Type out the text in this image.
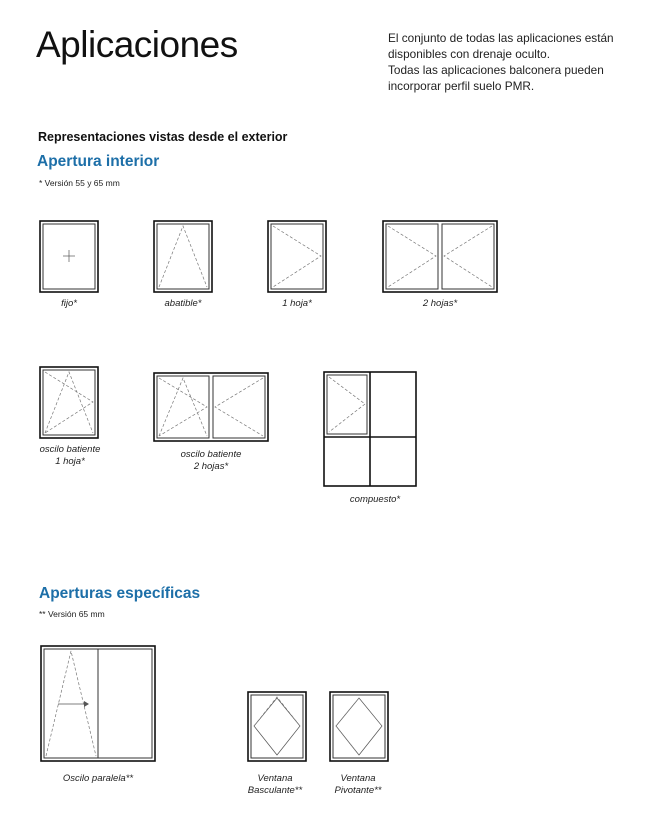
Aplicaciones	El conjunto de todas las aplicaciones están disponibles con drenaje oculto.

Todas las aplicaciones balconera pueden incorporar perfil suelo PMR.

Representaciones vistas desde el exterior
Apertura interior
* Versión 55 y 65 mm
fijo*	abatible*	1 hoja*	2 hojas*
oscilo batiente
1 hoja*
oscilo batiente
2 hojas*
compuesto*
Aperturas específicas
** Versión 65 mm
Oscilo paralela**	Ventana
Basculante**
Ventana
Pivotante**
